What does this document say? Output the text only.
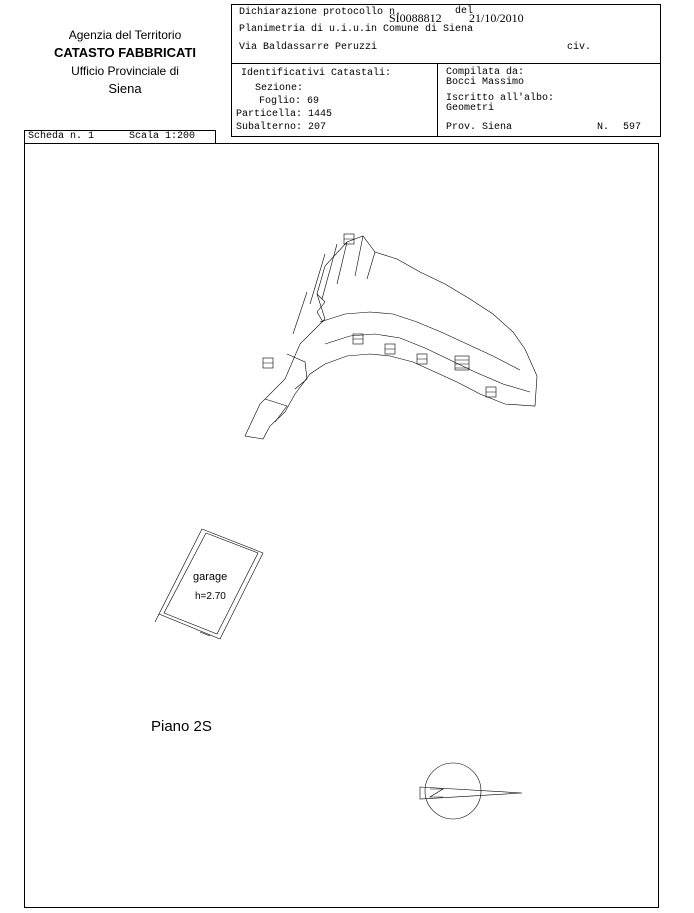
Agenzia del Territorio
CATASTO FABBRICATI
Ufficio Provinciale di
Siena
Dichiarazione protocollo n.
SI0088812 del
21/10/2010
Planimetria di u.i.u.in Comune di Siena
Via Baldassarre Peruzzi	civ.
Identificativi Catastali:
Sezione:
Foglio: 69
Particella: 1445
Subalterno: 207
Compilata da:
Bocci Massimo
Iscritto all'albo:
Geometri
Prov. Siena	N. 597
Scheda n. 1	Scala 1:200
garage
h=2.70
Piano 2S
